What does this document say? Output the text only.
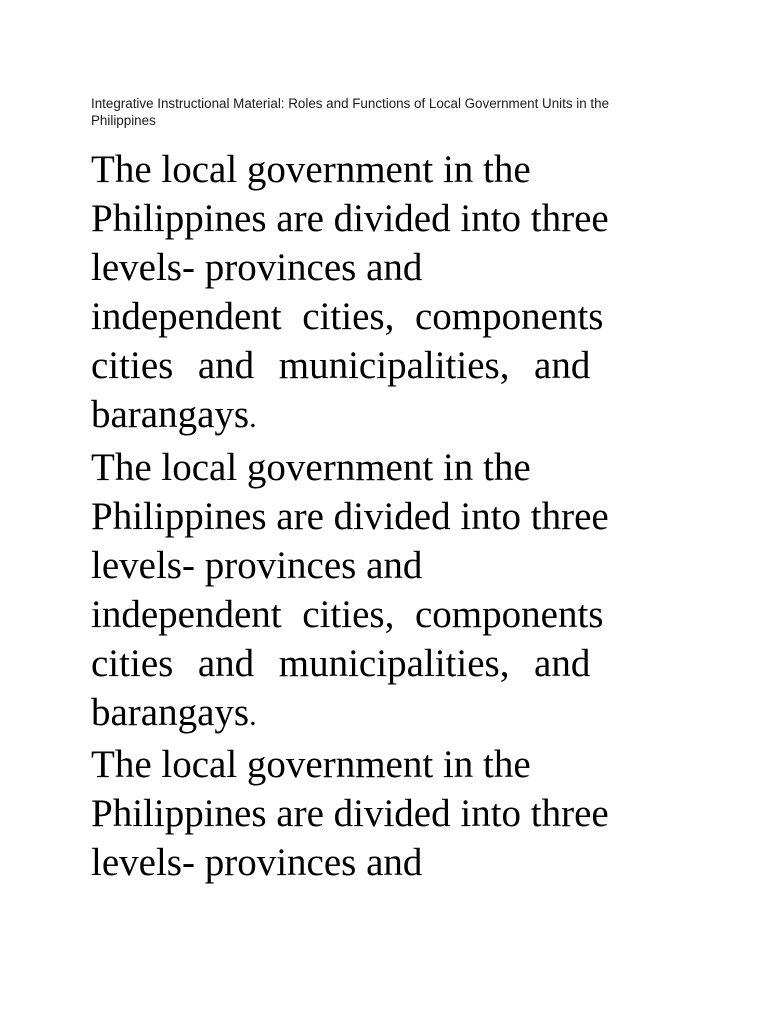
Integrative Instructional Material: Roles and Functions of Local Government Units in the
Philippines
The local government in the
Philippines are divided into three
levels- provinces and
independent cities, components
cities and municipalities, and
barangays.
The local government in the
Philippines are divided into three
levels- provinces and
independent cities, components
cities and municipalities, and
barangays.
The local government in the
Philippines are divided into three
levels- provinces and
